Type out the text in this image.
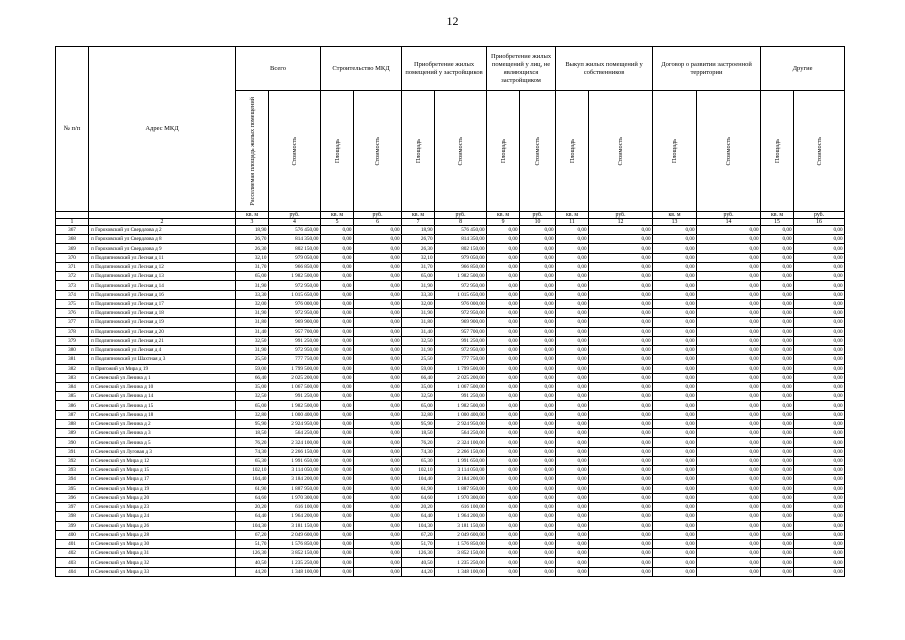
12
№ п/п	Адрес МКД	Всего		Строительство МКД		Приобретение жилых помещений у застройщиков		Приобретение жилых помещений у лиц, не являющихся застройщиком		Выкуп жилых помещений у собственников		Договор о развитии застроенной территории		Другие	

		Расселяемая площадь жилых помещений	Стоимость	Площадь	Стоимость	Площадь	Стоимость	Площадь	Стоимость	Площадь	Стоимость	Площадь	Стоимость	Площадь	Стоимость

		кв. м	руб.	кв. м	руб.	кв. м	руб.	кв. м	руб.	кв. м	руб.	кв. м	руб.	кв. м	руб.
1	2	3	4	5	6	7	8	9	10	11	12	13	14	15	16
367	п Гороховский ул Свердлова д 2	18,90	576 450,00	0,00	0,00	18,90	576 450,00	0,00	0,00	0,00	0,00	0,00	0,00	0,00	0,00
368	п Гороховский ул Свердлова д 8	26,70	814 350,00	0,00	0,00	26,70	814 350,00	0,00	0,00	0,00	0,00	0,00	0,00	0,00	0,00
369	п Гороховский ул Свердлова д 9	26,30	802 150,00	0,00	0,00	26,30	802 150,00	0,00	0,00	0,00	0,00	0,00	0,00	0,00	0,00
370	п Подлипновский ул Лесная д 11	32,10	979 050,00	0,00	0,00	32,10	979 050,00	0,00	0,00	0,00	0,00	0,00	0,00	0,00	0,00
371	п Подлипновский ул Лесная д 12	31,70	966 850,00	0,00	0,00	31,70	966 850,00	0,00	0,00	0,00	0,00	0,00	0,00	0,00	0,00
372	п Подлипновский ул Лесная д 13	65,00	1 982 500,00	0,00	0,00	65,00	1 982 500,00	0,00	0,00	0,00	0,00	0,00	0,00	0,00	0,00
373	п Подлипновский ул Лесная д 14	31,90	972 950,00	0,00	0,00	31,90	972 950,00	0,00	0,00	0,00	0,00	0,00	0,00	0,00	0,00
374	п Подлипновский ул Лесная д 16	33,30	1 015 650,00	0,00	0,00	33,30	1 015 650,00	0,00	0,00	0,00	0,00	0,00	0,00	0,00	0,00
375	п Подлипновский ул Лесная д 17	32,00	976 000,00	0,00	0,00	32,00	976 000,00	0,00	0,00	0,00	0,00	0,00	0,00	0,00	0,00
376	п Подлипновский ул Лесная д 18	31,90	972 950,00	0,00	0,00	31,90	972 950,00	0,00	0,00	0,00	0,00	0,00	0,00	0,00	0,00
377	п Подлипновский ул Лесная д 19	31,80	969 900,00	0,00	0,00	31,80	969 900,00	0,00	0,00	0,00	0,00	0,00	0,00	0,00	0,00
378	п Подлипновский ул Лесная д 20	31,40	957 700,00	0,00	0,00	31,40	957 700,00	0,00	0,00	0,00	0,00	0,00	0,00	0,00	0,00
379	п Подлипновский ул Лесная д 21	32,50	991 250,00	0,00	0,00	32,50	991 250,00	0,00	0,00	0,00	0,00	0,00	0,00	0,00	0,00
380	п Подлипновский ул Лесная д 4	31,90	972 950,00	0,00	0,00	31,90	972 950,00	0,00	0,00	0,00	0,00	0,00	0,00	0,00	0,00
381	п Подлипновский ул Шахтная д 3	25,50	777 750,00	0,00	0,00	25,50	777 750,00	0,00	0,00	0,00	0,00	0,00	0,00	0,00	0,00
382	п Пригожий ул Мира д 19	59,00	1 799 500,00	0,00	0,00	59,00	1 799 500,00	0,00	0,00	0,00	0,00	0,00	0,00	0,00	0,00
383	п Сеченский ул Ленина д 1	66,40	2 025 200,00	0,00	0,00	66,40	2 025 200,00	0,00	0,00	0,00	0,00	0,00	0,00	0,00	0,00
384	п Сеченский ул Ленина д 10	35,00	1 067 500,00	0,00	0,00	35,00	1 067 500,00	0,00	0,00	0,00	0,00	0,00	0,00	0,00	0,00
385	п Сеченский ул Ленина д 14	32,50	991 250,00	0,00	0,00	32,50	991 250,00	0,00	0,00	0,00	0,00	0,00	0,00	0,00	0,00
386	п Сеченский ул Ленина д 15	65,00	1 982 500,00	0,00	0,00	65,00	1 982 500,00	0,00	0,00	0,00	0,00	0,00	0,00	0,00	0,00
387	п Сеченский ул Ленина д 18	32,80	1 000 400,00	0,00	0,00	32,80	1 000 400,00	0,00	0,00	0,00	0,00	0,00	0,00	0,00	0,00
388	п Сеченский ул Ленина д 2	95,90	2 924 950,00	0,00	0,00	95,90	2 924 950,00	0,00	0,00	0,00	0,00	0,00	0,00	0,00	0,00
389	п Сеченский ул Ленина д 3	18,50	564 250,00	0,00	0,00	18,50	564 250,00	0,00	0,00	0,00	0,00	0,00	0,00	0,00	0,00
390	п Сеченский ул Ленина д 5	76,20	2 324 100,00	0,00	0,00	76,20	2 324 100,00	0,00	0,00	0,00	0,00	0,00	0,00	0,00	0,00
391	п Сеченский ул Луговая д 3	74,30	2 266 150,00	0,00	0,00	74,30	2 266 150,00	0,00	0,00	0,00	0,00	0,00	0,00	0,00	0,00
392	п Сеченский ул Мира д 12	65,30	1 991 650,00	0,00	0,00	65,30	1 991 650,00	0,00	0,00	0,00	0,00	0,00	0,00	0,00	0,00
393	п Сеченский ул Мира д 15	102,10	3 114 050,00	0,00	0,00	102,10	3 114 050,00	0,00	0,00	0,00	0,00	0,00	0,00	0,00	0,00
394	п Сеченский ул Мира д 17	104,40	3 184 200,00	0,00	0,00	104,40	3 184 200,00	0,00	0,00	0,00	0,00	0,00	0,00	0,00	0,00
395	п Сеченский ул Мира д 19	61,90	1 887 950,00	0,00	0,00	61,90	1 887 950,00	0,00	0,00	0,00	0,00	0,00	0,00	0,00	0,00
396	п Сеченский ул Мира д 20	64,60	1 970 300,00	0,00	0,00	64,60	1 970 300,00	0,00	0,00	0,00	0,00	0,00	0,00	0,00	0,00
397	п Сеченский ул Мира д 23	20,20	616 100,00	0,00	0,00	20,20	616 100,00	0,00	0,00	0,00	0,00	0,00	0,00	0,00	0,00
398	п Сеченский ул Мира д 24	64,40	1 964 200,00	0,00	0,00	64,40	1 964 200,00	0,00	0,00	0,00	0,00	0,00	0,00	0,00	0,00
399	п Сеченский ул Мира д 26	104,30	3 181 150,00	0,00	0,00	104,30	3 181 150,00	0,00	0,00	0,00	0,00	0,00	0,00	0,00	0,00
400	п Сеченский ул Мира д 28	67,20	2 049 600,00	0,00	0,00	67,20	2 049 600,00	0,00	0,00	0,00	0,00	0,00	0,00	0,00	0,00
401	п Сеченский ул Мира д 30	51,70	1 576 850,00	0,00	0,00	51,70	1 576 850,00	0,00	0,00	0,00	0,00	0,00	0,00	0,00	0,00
402	п Сеченский ул Мира д 31	126,30	3 852 150,00	0,00	0,00	126,30	3 852 150,00	0,00	0,00	0,00	0,00	0,00	0,00	0,00	0,00
403	п Сеченский ул Мира д 32	40,50	1 235 250,00	0,00	0,00	40,50	1 235 250,00	0,00	0,00	0,00	0,00	0,00	0,00	0,00	0,00
404	п Сеченский ул Мира д 33	44,20	1 348 100,00	0,00	0,00	44,20	1 348 100,00	0,00	0,00	0,00	0,00	0,00	0,00	0,00	0,00
